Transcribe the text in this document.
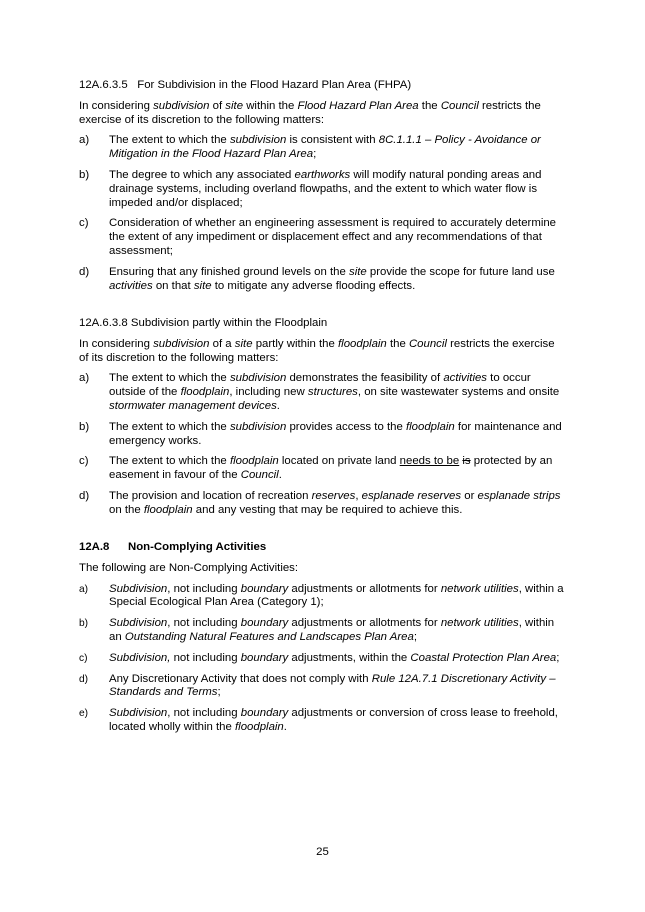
12A.6.3.5   For Subdivision in the Flood Hazard Plan Area (FHPA)
In considering subdivision of site within the Flood Hazard Plan Area the Council restricts the exercise of its discretion to the following matters:
a)	The extent to which the subdivision is consistent with 8C.1.1.1 – Policy - Avoidance or Mitigation in the Flood Hazard Plan Area;
b)	The degree to which any associated earthworks will modify natural ponding areas and drainage systems, including overland flowpaths, and the extent to which water flow is impeded and/or displaced;
c)	Consideration of whether an engineering assessment is required to accurately determine the extent of any impediment or displacement effect and any recommendations of that assessment;
d)	Ensuring that any finished ground levels on the site provide the scope for future land use activities on that site to mitigate any adverse flooding effects.
12A.6.3.8 Subdivision partly within the Floodplain
In considering subdivision of a site partly within the floodplain the Council restricts the exercise of its discretion to the following matters:
a)	The extent to which the subdivision demonstrates the feasibility of activities to occur outside of the floodplain, including new structures, on site wastewater systems and onsite stormwater management devices.
b)	The extent to which the subdivision provides access to the floodplain for maintenance and emergency works.
c)	The extent to which the floodplain located on private land needs to be is protected by an easement in favour of the Council.
d)	The provision and location of recreation reserves, esplanade reserves or esplanade strips on the floodplain and any vesting that may be required to achieve this.
12A.8 Non-Complying Activities
The following are Non-Complying Activities:
a)	Subdivision, not including boundary adjustments or allotments for network utilities, within a Special Ecological Plan Area (Category 1);
b)	Subdivision, not including boundary adjustments or allotments for network utilities, within an Outstanding Natural Features and Landscapes Plan Area;
c)	Subdivision, not including boundary adjustments, within the Coastal Protection Plan Area;
d)	Any Discretionary Activity that does not comply with Rule 12A.7.1 Discretionary Activity – Standards and Terms;
e)	Subdivision, not including boundary adjustments or conversion of cross lease to freehold, located wholly within the floodplain.
25
